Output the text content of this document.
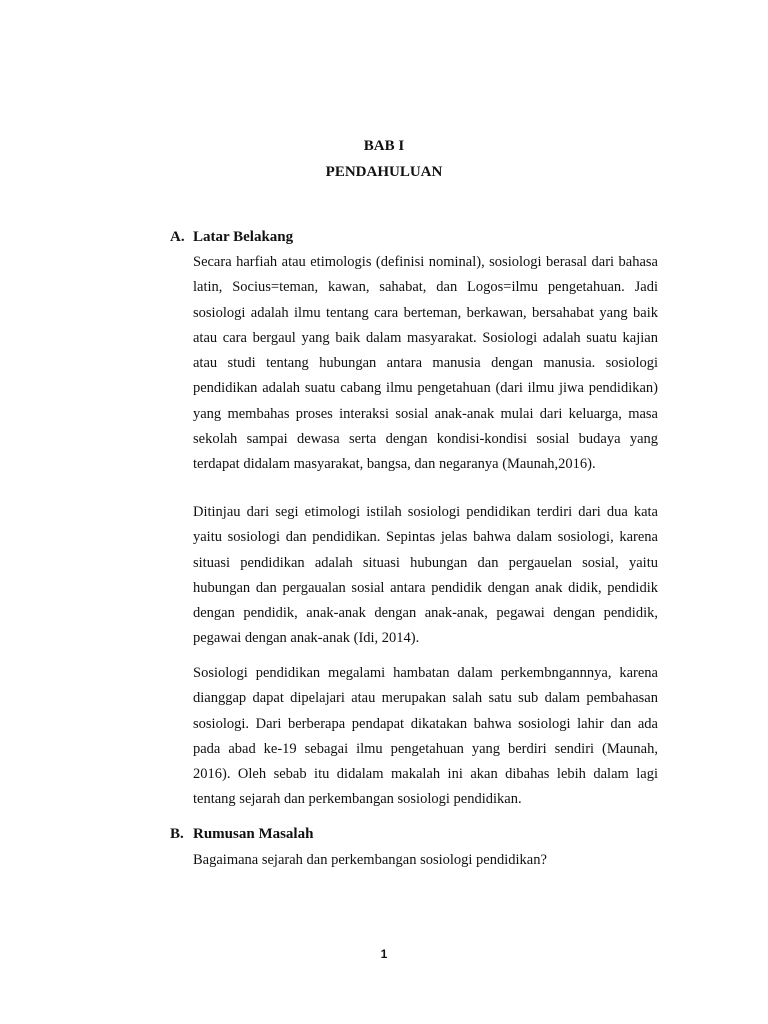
BAB I
PENDAHULUAN
A. Latar Belakang

Secara harfiah atau etimologis (definisi nominal), sosiologi berasal dari bahasa latin, Socius=teman, kawan, sahabat, dan Logos=ilmu pengetahuan. Jadi sosiologi adalah ilmu tentang cara berteman, berkawan, bersahabat yang baik atau cara bergaul yang baik dalam masyarakat. Sosiologi adalah suatu kajian atau studi tentang hubungan antara manusia dengan manusia. sosiologi pendidikan adalah suatu cabang ilmu pengetahuan (dari ilmu jiwa pendidikan) yang membahas proses interaksi sosial anak-anak mulai dari keluarga, masa sekolah sampai dewasa serta dengan kondisi-kondisi sosial budaya yang terdapat didalam masyarakat, bangsa, dan negaranya (Maunah,2016).

Ditinjau dari segi etimologi istilah sosiologi pendidikan terdiri dari dua kata yaitu sosiologi dan pendidikan. Sepintas jelas bahwa dalam sosiologi, karena situasi pendidikan adalah situasi hubungan dan pergauelan sosial, yaitu hubungan dan pergaualan sosial antara pendidik dengan anak didik, pendidik dengan pendidik, anak-anak dengan anak-anak, pegawai dengan pendidik, pegawai dengan anak-anak (Idi, 2014).

Sosiologi pendidikan megalami hambatan dalam perkembngannnya, karena dianggap dapat dipelajari atau merupakan salah satu sub dalam pembahasan sosiologi. Dari berberapa pendapat dikatakan bahwa sosiologi lahir dan ada pada abad ke-19 sebagai ilmu pengetahuan yang berdiri sendiri (Maunah, 2016). Oleh sebab itu didalam makalah ini akan dibahas lebih dalam lagi tentang sejarah dan perkembangan sosiologi pendidikan.

B. Rumusan Masalah
Bagaimana sejarah dan perkembangan sosiologi pendidikan?
1
